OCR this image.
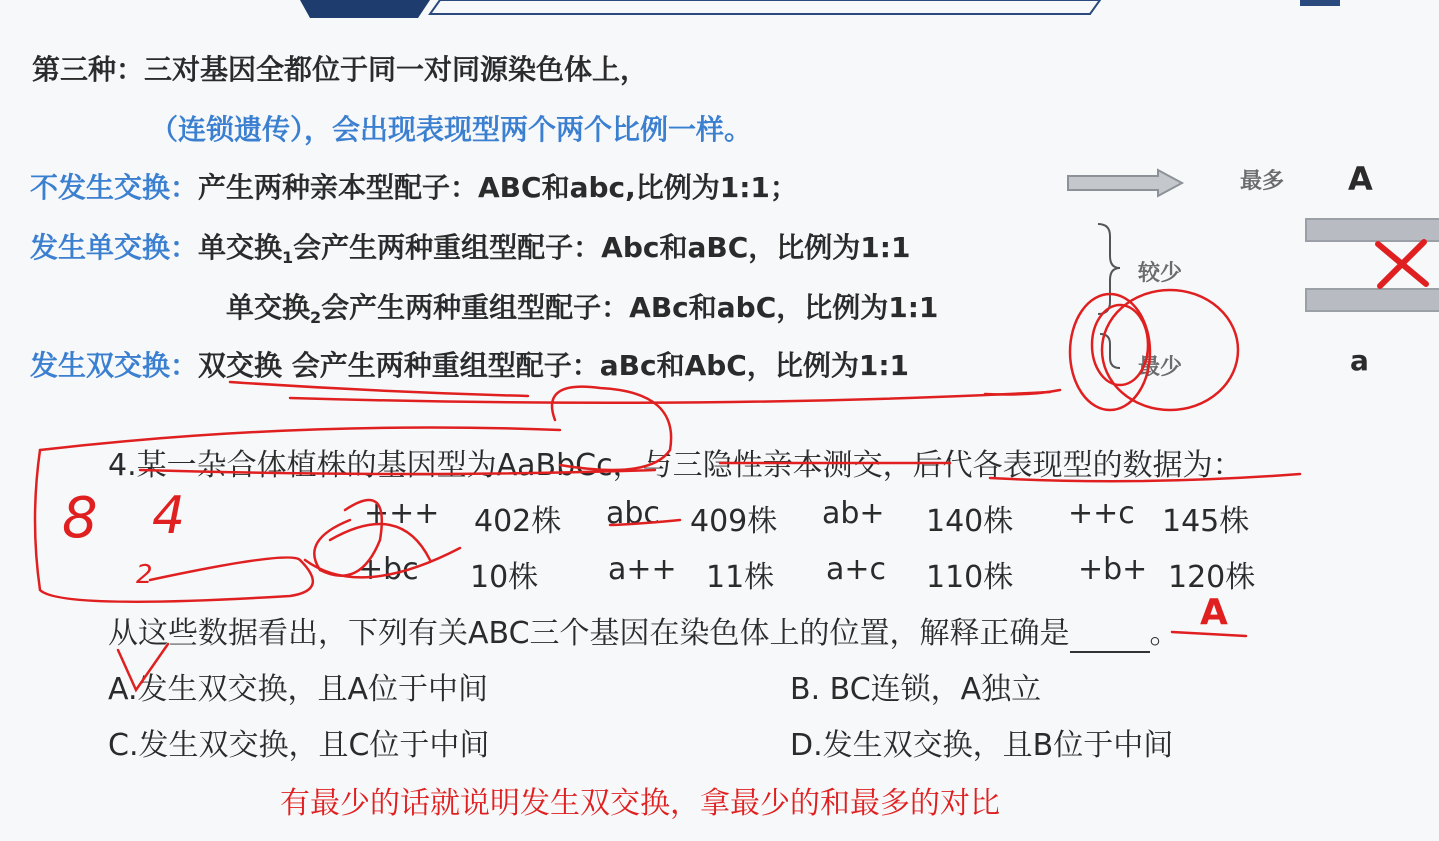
第三种：三对基因全都位于同一对同源染色体上，
（连锁遗传），会出现表现型两个两个比例一样。
不发生交换：产生两种亲本型配子：ABC和abc,比例为1:1；
发生单交换：单交换$_1$会产生两种重组型配子：Abc和aBC，比例为1:1
单交换$_2$会产生两种重组型配子：ABc和abC，比例为1:1
发生双交换：双交换 会产生两种重组型配子：aBc和AbC，比例为1:1
最多 A
a
较少
最少
4.某一杂合体植株的基因型为AaBbCc，与三隐性亲本测交，后代各表现型的数据为：
+++ 402株 abc 409株 ab+ 140株 ++c 145株
+bc 10株 a++ 11株 a+c 110株 +b+ 120株
从这些数据看出，下列有关ABC三个基因在染色体上的位置，解释正确是	。
A
A.发生双交换，且A位于中间	B. BC连锁，A独立
C.发生双交换，且C位于中间	D.发生双交换，且B位于中间
8 4
2
有最少的话就说明发生双交换，拿最少的和最多的对比
